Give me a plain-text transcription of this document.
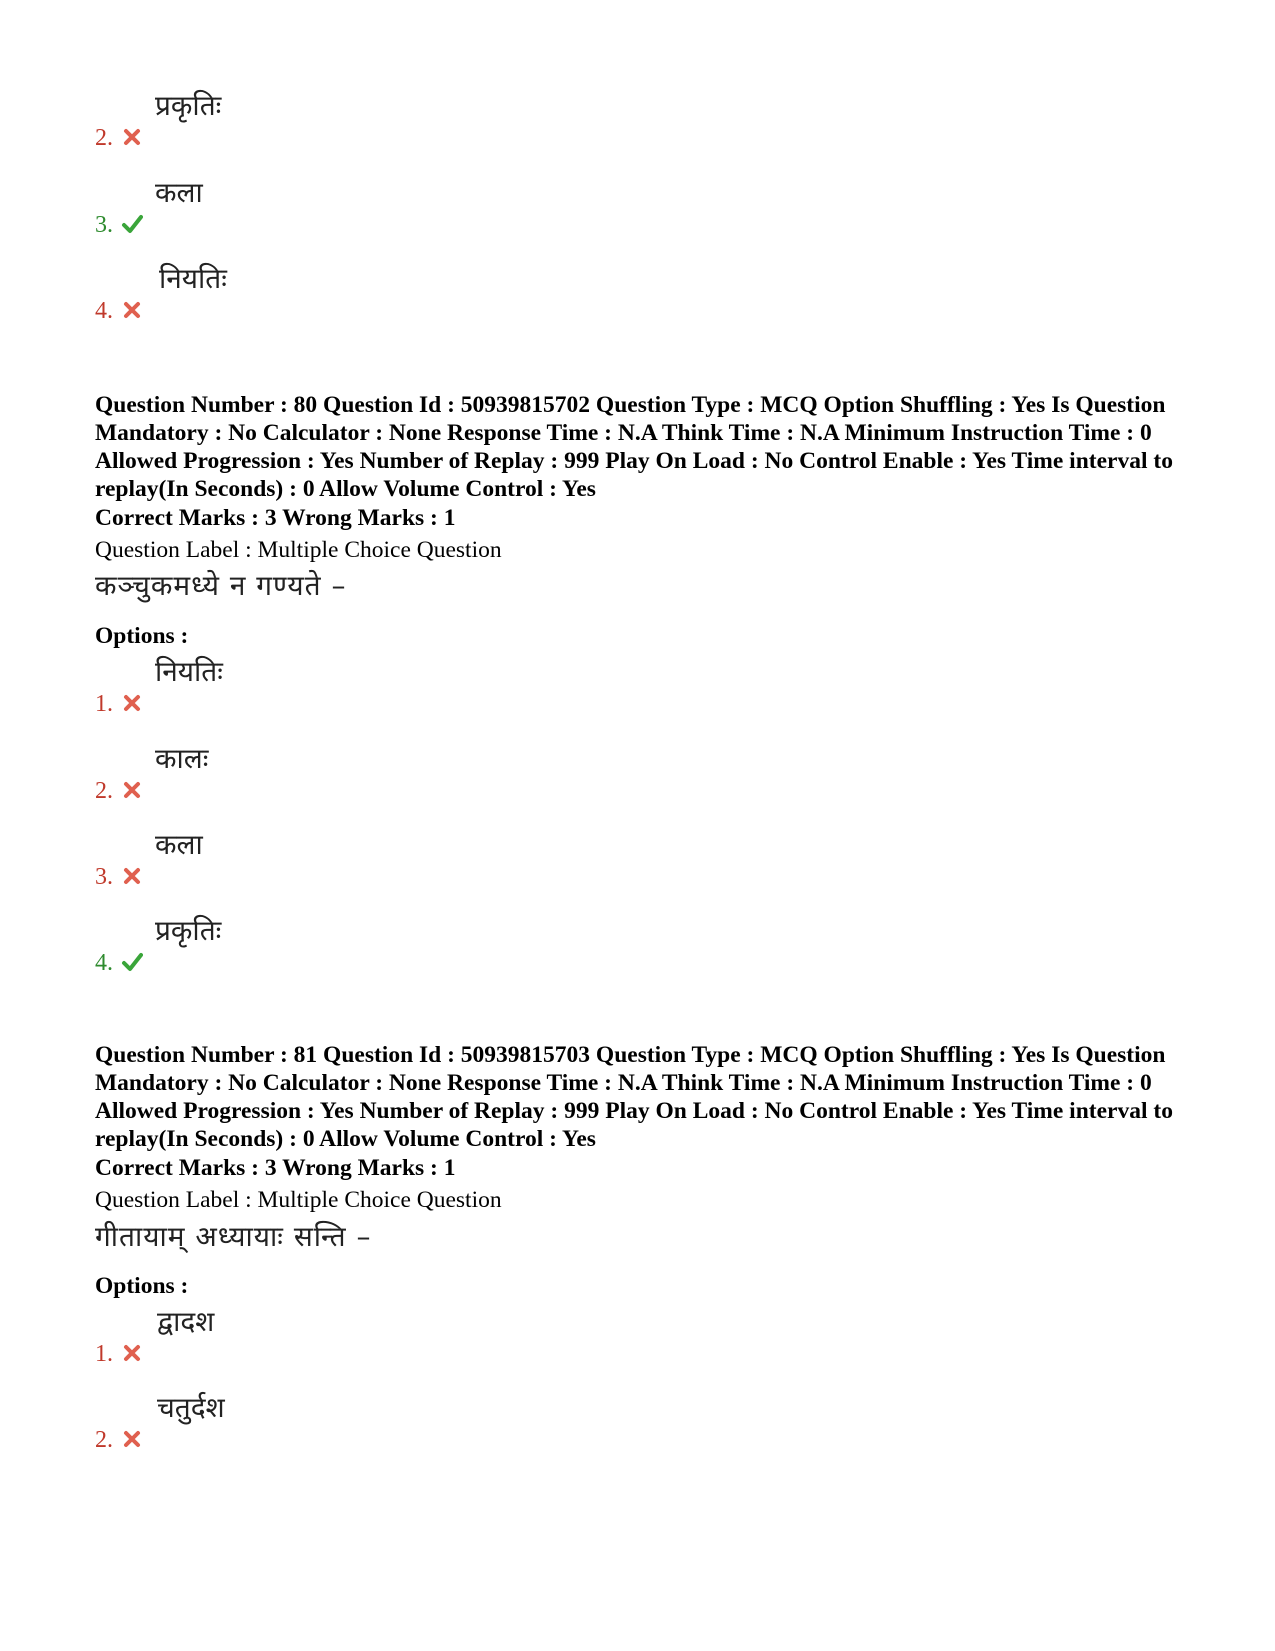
2.
प्रकृतिः
3.
कला
4.
नियतिः
Question Number : 80 Question Id : 50939815702 Question Type : MCQ Option Shuffling : Yes Is Question Mandatory : No Calculator : None Response Time : N.A Think Time : N.A Minimum Instruction Time : 0 Allowed Progression : Yes Number of Replay : 999 Play On Load : No Control Enable : Yes Time interval to replay(In Seconds) : 0 Allow Volume Control : Yes
Correct Marks : 3 Wrong Marks : 1
Question Label : Multiple Choice Question
कञ्चुकमध्ये न गण्यते –
Options :
1.
नियतिः
2.
कालः
3.
कला
4.
प्रकृतिः
Question Number : 81 Question Id : 50939815703 Question Type : MCQ Option Shuffling : Yes Is Question Mandatory : No Calculator : None Response Time : N.A Think Time : N.A Minimum Instruction Time : 0 Allowed Progression : Yes Number of Replay : 999 Play On Load : No Control Enable : Yes Time interval to replay(In Seconds) : 0 Allow Volume Control : Yes
Correct Marks : 3 Wrong Marks : 1
Question Label : Multiple Choice Question
गीतायाम् अध्यायाः सन्ति –
Options :
1.
द्वादश
2.
चतुर्दश
